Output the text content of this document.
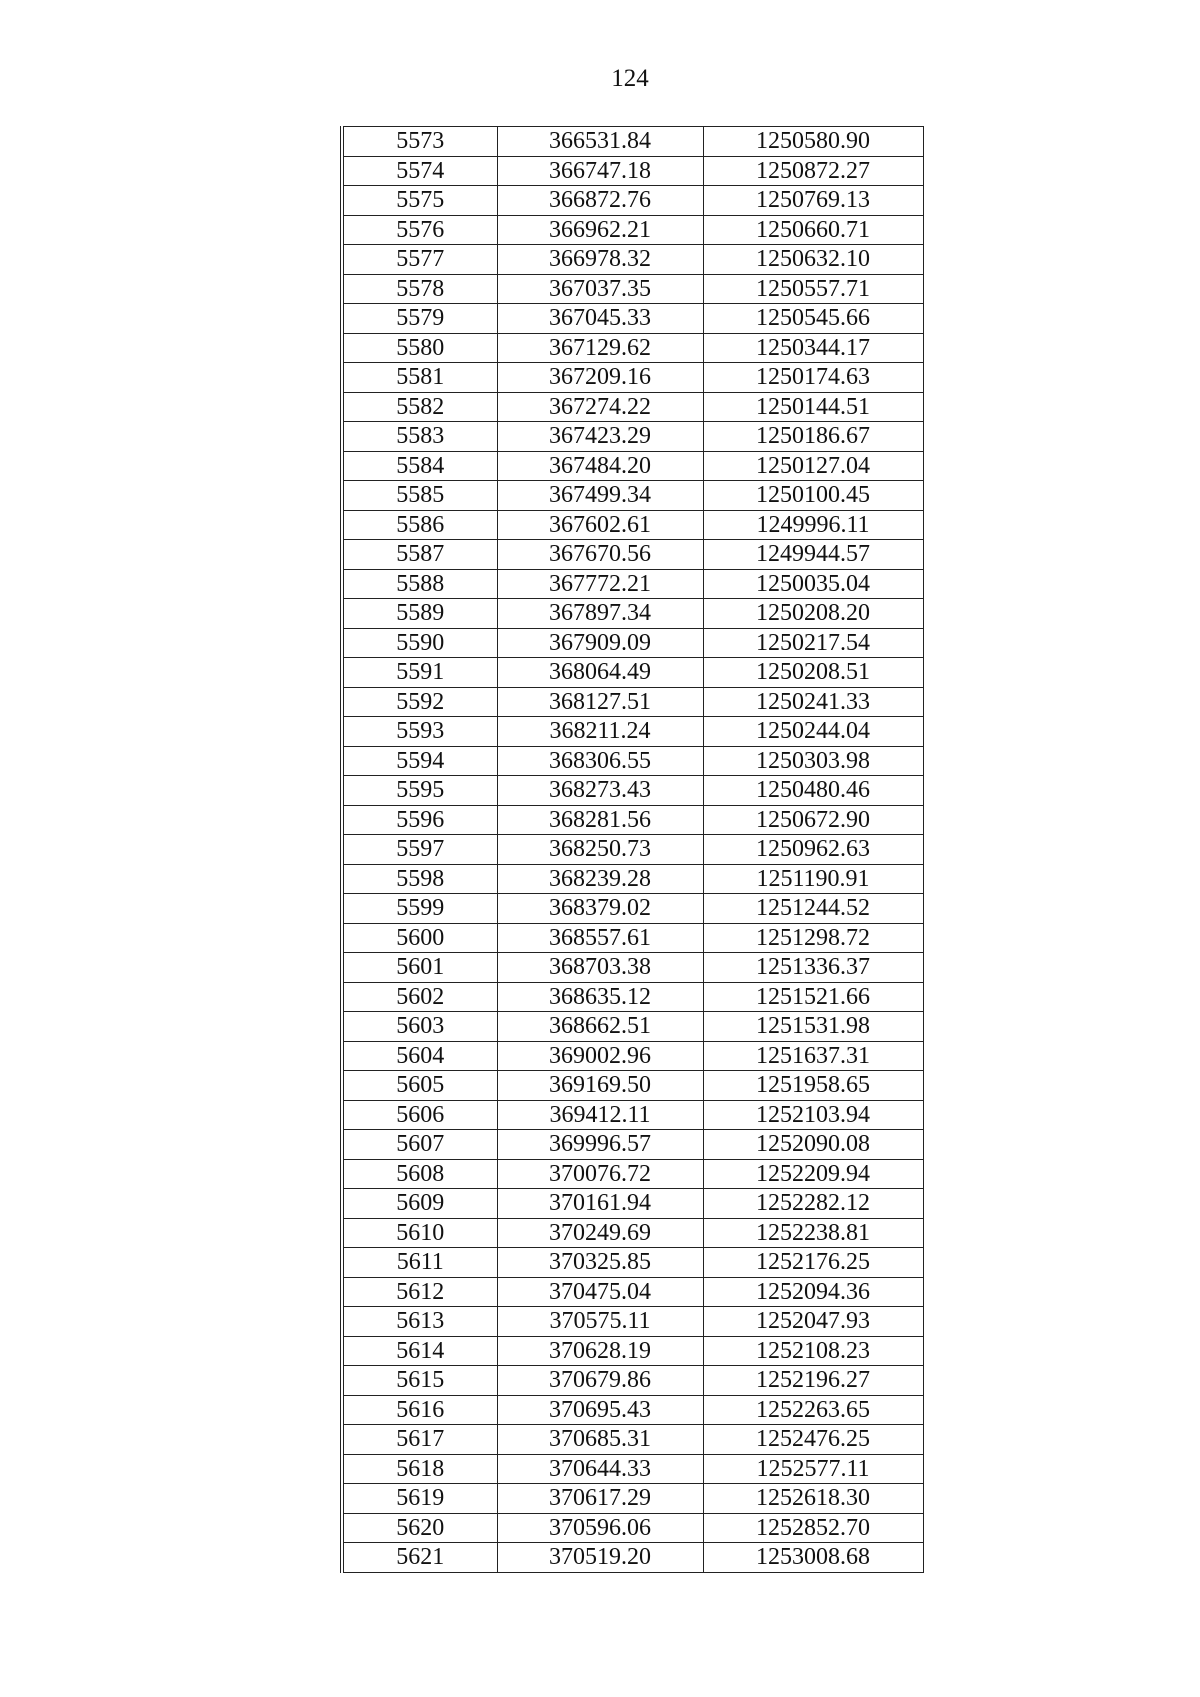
124
5573	366531.84	1250580.90
5574	366747.18	1250872.27
5575	366872.76	1250769.13
5576	366962.21	1250660.71
5577	366978.32	1250632.10
5578	367037.35	1250557.71
5579	367045.33	1250545.66
5580	367129.62	1250344.17
5581	367209.16	1250174.63
5582	367274.22	1250144.51
5583	367423.29	1250186.67
5584	367484.20	1250127.04
5585	367499.34	1250100.45
5586	367602.61	1249996.11
5587	367670.56	1249944.57
5588	367772.21	1250035.04
5589	367897.34	1250208.20
5590	367909.09	1250217.54
5591	368064.49	1250208.51
5592	368127.51	1250241.33
5593	368211.24	1250244.04
5594	368306.55	1250303.98
5595	368273.43	1250480.46
5596	368281.56	1250672.90
5597	368250.73	1250962.63
5598	368239.28	1251190.91
5599	368379.02	1251244.52
5600	368557.61	1251298.72
5601	368703.38	1251336.37
5602	368635.12	1251521.66
5603	368662.51	1251531.98
5604	369002.96	1251637.31
5605	369169.50	1251958.65
5606	369412.11	1252103.94
5607	369996.57	1252090.08
5608	370076.72	1252209.94
5609	370161.94	1252282.12
5610	370249.69	1252238.81
5611	370325.85	1252176.25
5612	370475.04	1252094.36
5613	370575.11	1252047.93
5614	370628.19	1252108.23
5615	370679.86	1252196.27
5616	370695.43	1252263.65
5617	370685.31	1252476.25
5618	370644.33	1252577.11
5619	370617.29	1252618.30
5620	370596.06	1252852.70
5621	370519.20	1253008.68
